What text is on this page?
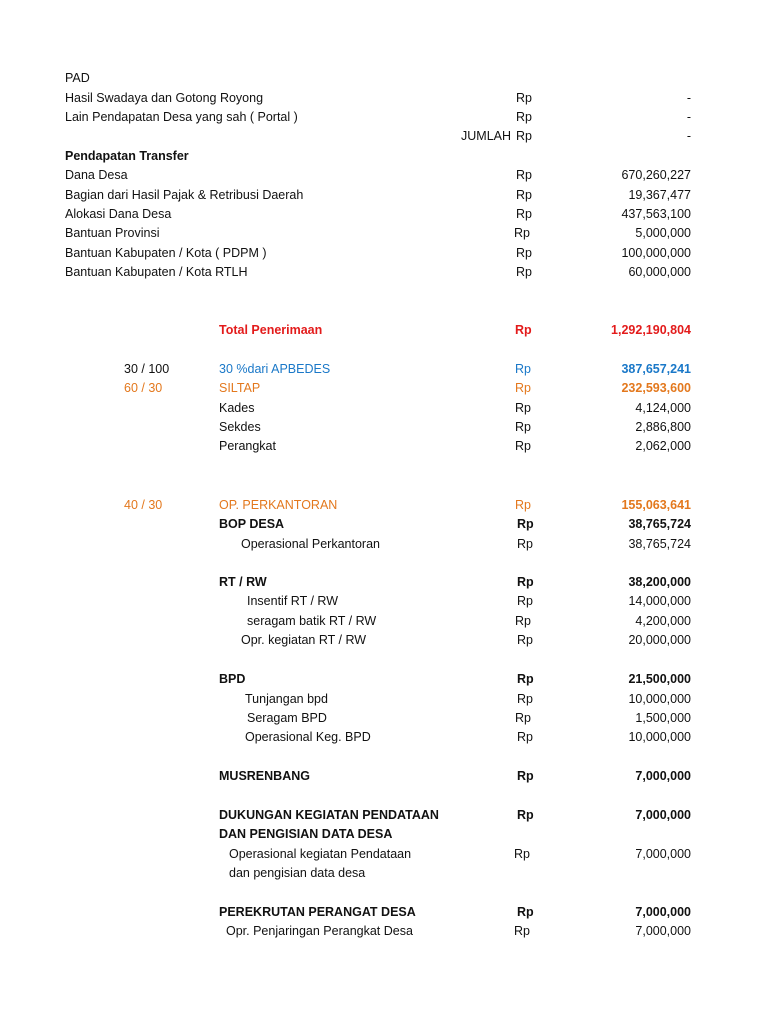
PAD
Hasil Swadaya dan Gotong Royong	Rp	-
Lain Pendapatan Desa yang sah ( Portal )	Rp	-
JUMLAH Rp	-
Pendapatan Transfer
Dana Desa	Rp	670,260,227
Bagian dari Hasil Pajak & Retribusi Daerah	Rp	19,367,477
Alokasi Dana Desa	Rp	437,563,100
Bantuan Provinsi	Rp	5,000,000
Bantuan Kabupaten / Kota ( PDPM )	Rp	100,000,000
Bantuan Kabupaten / Kota RTLH	Rp	60,000,000
Total Penerimaan	Rp	1,292,190,804
30 / 100	30 %dari APBEDES	Rp	387,657,241
60 / 30	SILTAP	Rp	232,593,600
Kades	Rp	4,124,000
Sekdes	Rp	2,886,800
Perangkat	Rp	2,062,000
40 / 30	OP. PERKANTORAN	Rp	155,063,641
BOP DESA	Rp	38,765,724
Operasional Perkantoran	Rp	38,765,724
RT / RW	Rp	38,200,000
Insentif RT / RW	Rp	14,000,000
seragam batik RT / RW	Rp	4,200,000
Opr. kegiatan RT / RW	Rp	20,000,000
BPD	Rp	21,500,000
Tunjangan bpd	Rp	10,000,000
Seragam BPD	Rp	1,500,000
Operasional Keg. BPD	Rp	10,000,000
MUSRENBANG	Rp	7,000,000
DUKUNGAN KEGIATAN PENDATAAN	Rp	7,000,000
DAN PENGISIAN DATA DESA
Operasional kegiatan Pendataan	Rp	7,000,000
dan pengisian data desa
PEREKRUTAN PERANGAT DESA	Rp	7,000,000
Opr. Penjaringan Perangkat Desa	Rp	7,000,000
